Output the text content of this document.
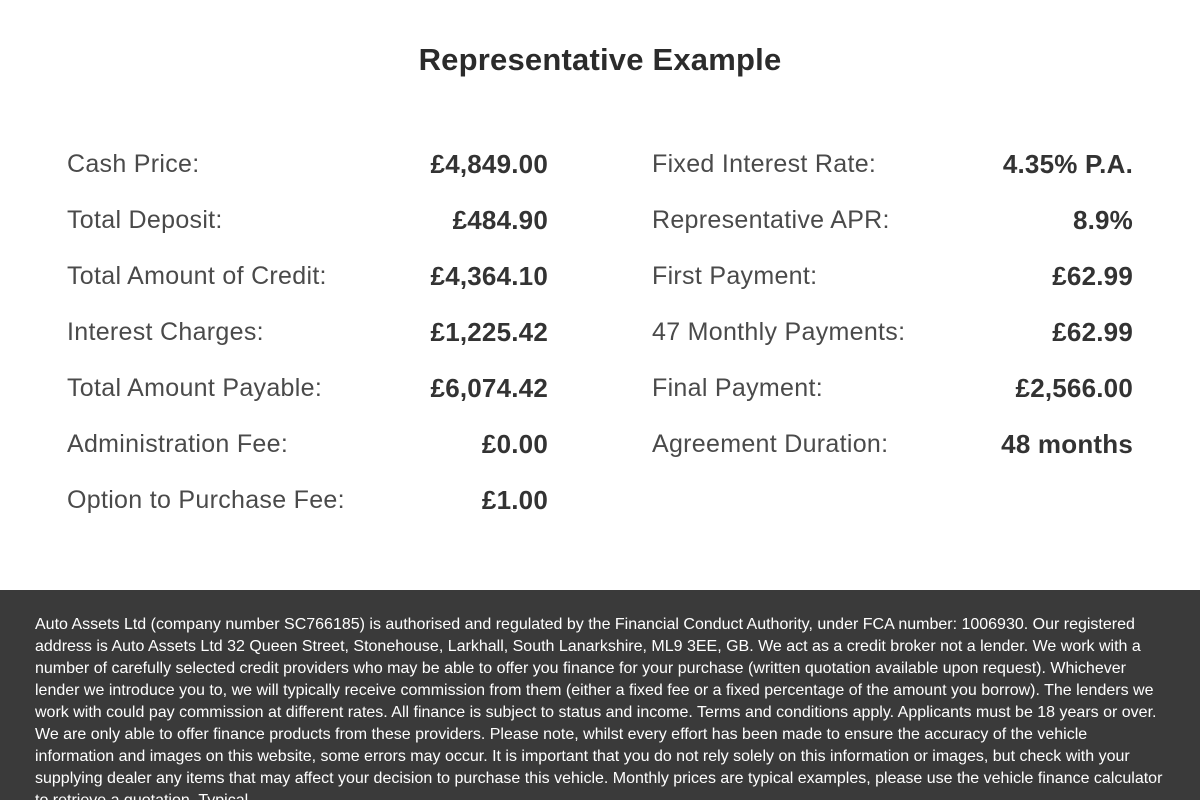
Representative Example
Cash Price:	£4,849.00
Total Deposit:	£484.90
Total Amount of Credit:	£4,364.10
Interest Charges:	£1,225.42
Total Amount Payable:	£6,074.42
Administration Fee:	£0.00
Option to Purchase Fee:	£1.00
Fixed Interest Rate:	4.35% P.A.
Representative APR:	8.9%
First Payment:	£62.99
47 Monthly Payments:	£62.99
Final Payment:	£2,566.00
Agreement Duration:	48 months

Auto Assets Ltd (company number SC766185) is authorised and regulated by the Financial Conduct Authority, under FCA number: 1006930. Our registered address is Auto Assets Ltd 32 Queen Street, Stonehouse, Larkhall, South Lanarkshire, ML9 3EE, GB. We act as a credit broker not a lender. We work with a number of carefully selected credit providers who may be able to offer you finance for your purchase (written quotation available upon request). Whichever lender we introduce you to, we will typically receive commission from them (either a fixed fee or a fixed percentage of the amount you borrow). The lenders we work with could pay commission at different rates. All finance is subject to status and income. Terms and conditions apply. Applicants must be 18 years or over. We are only able to offer finance products from these providers. Please note, whilst every effort has been made to ensure the accuracy of the vehicle information and images on this website, some errors may occur. It is important that you do not rely solely on this information or images, but check with your supplying dealer any items that may affect your decision to purchase this vehicle. Monthly prices are typical examples, please use the vehicle finance calculator to retrieve a quotation. Typical
